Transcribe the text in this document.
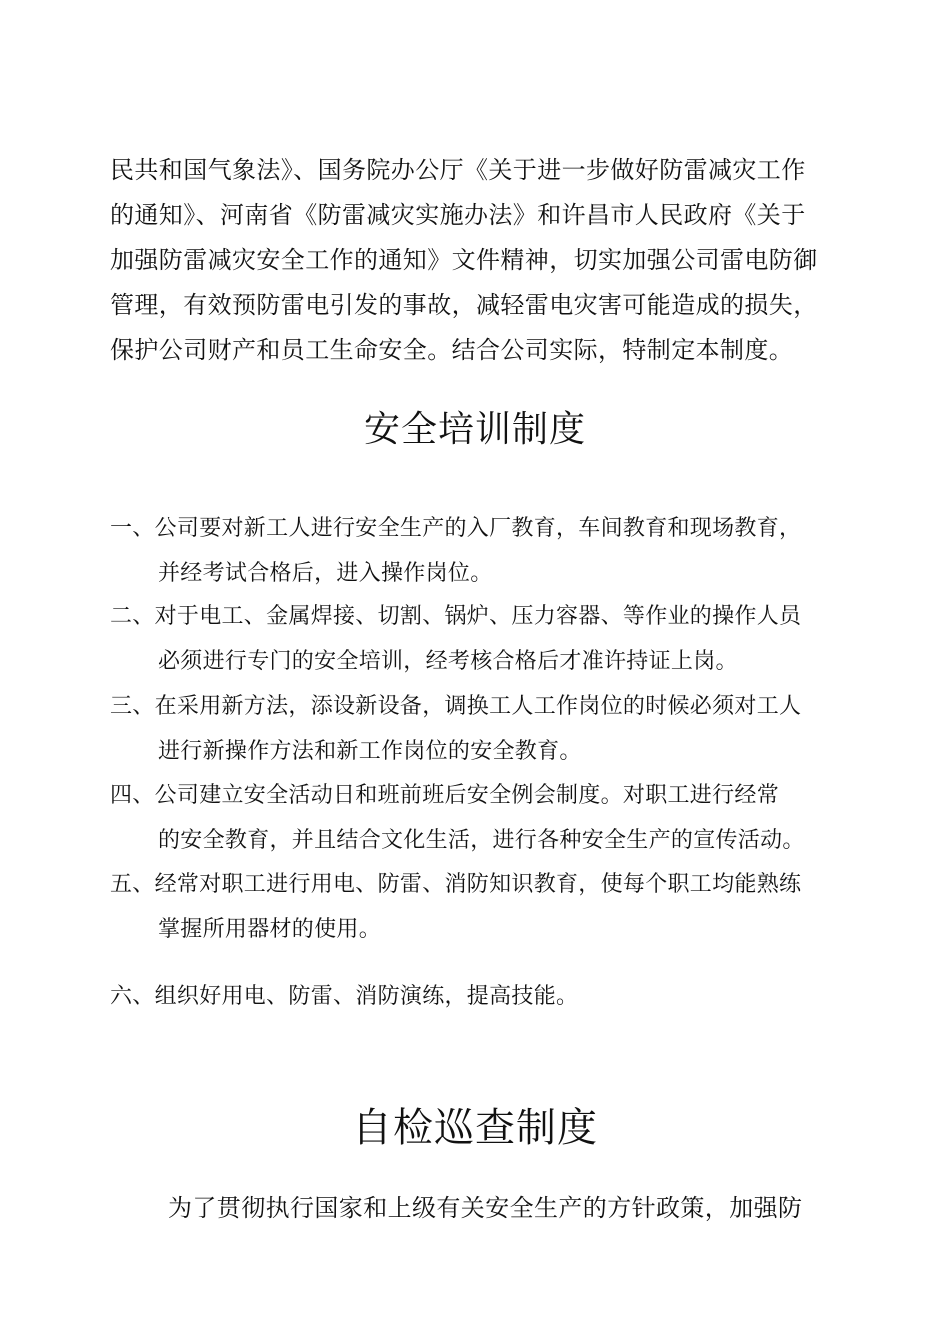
民共和国气象法》、国务院办公厅《关于进一步做好防雷减灾工作
的通知》、河南省《防雷减灾实施办法》和许昌市人民政府《关于
加强防雷减灾安全工作的通知》文件精神，切实加强公司雷电防御
管理，有效预防雷电引发的事故，减轻雷电灾害可能造成的损失，
保护公司财产和员工生命安全。结合公司实际，特制定本制度。
安全培训制度
一、公司要对新工人进行安全生产的入厂教育，车间教育和现场教育，
并经考试合格后，进入操作岗位。
二、对于电工、金属焊接、切割、锅炉、压力容器、等作业的操作人员
必须进行专门的安全培训，经考核合格后才准许持证上岗。
三、在采用新方法，添设新设备，调换工人工作岗位的时候必须对工人
进行新操作方法和新工作岗位的安全教育。
四、公司建立安全活动日和班前班后安全例会制度。对职工进行经常
的安全教育，并且结合文化生活，进行各种安全生产的宣传活动。
五、经常对职工进行用电、防雷、消防知识教育，使每个职工均能熟练
掌握所用器材的使用。
六、组织好用电、防雷、消防演练，提高技能。
自检巡查制度
为了贯彻执行国家和上级有关安全生产的方针政策，加强防
